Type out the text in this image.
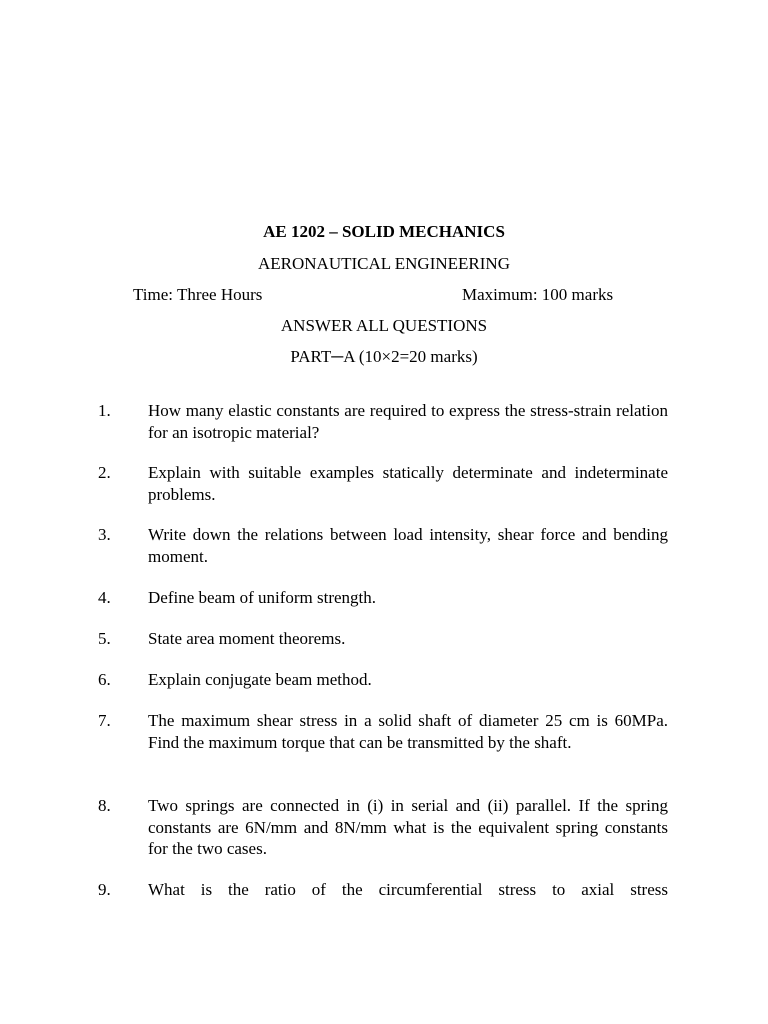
AE 1202 – SOLID MECHANICS
AERONAUTICAL ENGINEERING
Time: Three Hours	Maximum: 100 marks
ANSWER ALL QUESTIONS
PART─A (10×2=20 marks)
1. How many elastic constants are required to express the stress-strain relation for an isotropic material?
2. Explain with suitable examples statically determinate and indeterminate problems.
3. Write down the relations between load intensity, shear force and bending moment.
4. Define beam of uniform strength.
5. State area moment theorems.
6. Explain conjugate beam method.
7. The maximum shear stress in a solid shaft of diameter 25 cm is 60MPa. Find the maximum torque that can be transmitted by the shaft.
8. Two springs are connected in (i) in serial and (ii) parallel. If the spring constants are 6N/mm and 8N/mm what is the equivalent spring constants for the two cases.
9. What is the ratio of the circumferential stress to axial stress
